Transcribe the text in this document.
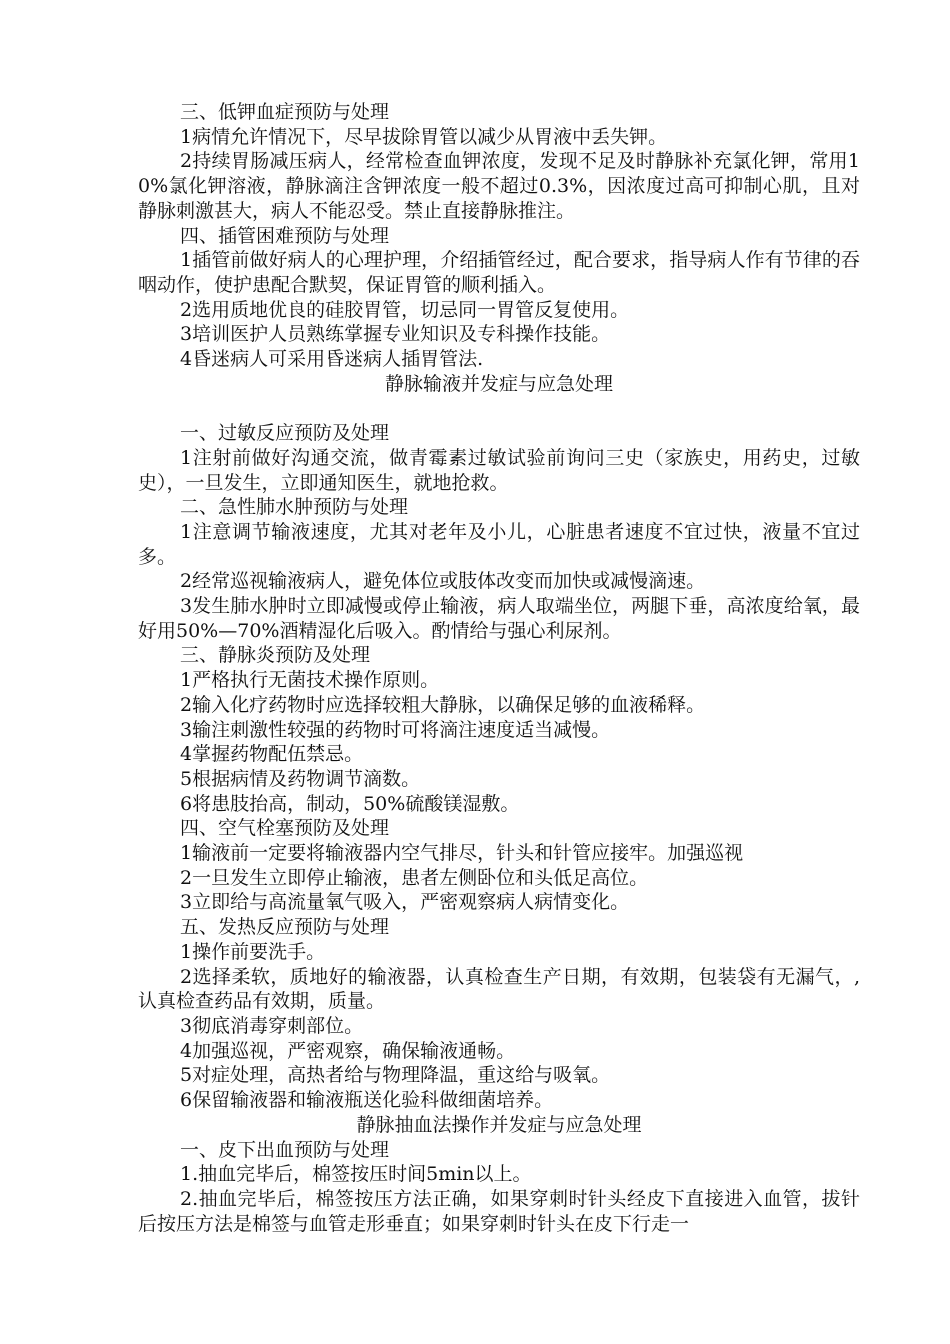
三、低钾血症预防与处理
1病情允许情况下，尽早拔除胃管以减少从胃液中丢失钾。
2持续胃肠减压病人，经常检查血钾浓度，发现不足及时静脉补充氯化钾，常用10%氯化钾溶液，静脉滴注含钾浓度一般不超过0.3%，因浓度过高可抑制心肌，且对静脉刺激甚大，病人不能忍受。禁止直接静脉推注。
四、插管困难预防与处理
1插管前做好病人的心理护理，介绍插管经过，配合要求，指导病人作有节律的吞咽动作，使护患配合默契，保证胃管的顺利插入。
2选用质地优良的硅胶胃管，切忌同一胃管反复使用。
3培训医护人员熟练掌握专业知识及专科操作技能。
4昏迷病人可采用昏迷病人插胃管法.
静脉输液并发症与应急处理
一、过敏反应预防及处理
1注射前做好沟通交流，做青霉素过敏试验前询问三史（家族史，用药史，过敏史），一旦发生，立即通知医生，就地抢救。
二、急性肺水肿预防与处理
1注意调节输液速度，尤其对老年及小儿，心脏患者速度不宜过快，液量不宜过多。
2经常巡视输液病人，避免体位或肢体改变而加快或减慢滴速。
3发生肺水肿时立即减慢或停止输液，病人取端坐位，两腿下垂，高浓度给氧，最好用50%—70%酒精湿化后吸入。酌情给与强心利尿剂。
三、静脉炎预防及处理
1严格执行无菌技术操作原则。
2输入化疗药物时应选择较粗大静脉，以确保足够的血液稀释。
3输注刺激性较强的药物时可将滴注速度适当减慢。
4掌握药物配伍禁忌。
5根据病情及药物调节滴数。
6将患肢抬高，制动，50%硫酸镁湿敷。
四、空气栓塞预防及处理
1输液前一定要将输液器内空气排尽，针头和针管应接牢。加强巡视
2一旦发生立即停止输液，患者左侧卧位和头低足高位。
3立即给与高流量氧气吸入，严密观察病人病情变化。
五、发热反应预防与处理
1操作前要洗手。
2选择柔软，质地好的输液器，认真检查生产日期，有效期，包装袋有无漏气，,认真检查药品有效期，质量。
3彻底消毒穿刺部位。
4加强巡视，严密观察，确保输液通畅。
5对症处理，高热者给与物理降温，重这给与吸氧。
6保留输液器和输液瓶送化验科做细菌培养。
静脉抽血法操作并发症与应急处理
一、皮下出血预防与处理
1.抽血完毕后，棉签按压时间5min以上。
2.抽血完毕后，棉签按压方法正确，如果穿刺时针头经皮下直接进入血管，拔针后按压方法是棉签与血管走形垂直；如果穿刺时针头在皮下行走一
